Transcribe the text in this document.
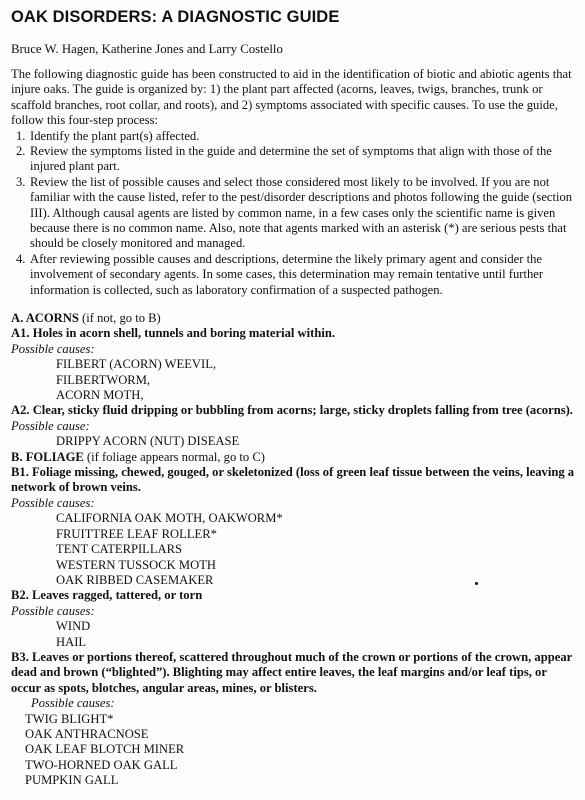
OAK DISORDERS: A DIAGNOSTIC GUIDE
Bruce W. Hagen, Katherine Jones and Larry Costello

The following diagnostic guide has been constructed to aid in the identification of biotic and abiotic agents that injure oaks. The guide is organized by: 1) the plant part affected (acorns, leaves, twigs, branches, trunk or scaffold branches, root collar, and roots), and 2) symptoms associated with specific causes. To use the guide, follow this four-step process:

1. Identify the plant part(s) affected.
2. Review the symptoms listed in the guide and determine the set of symptoms that align with those of the injured plant part.
3. Review the list of possible causes and select those considered most likely to be involved. If you are not familiar with the cause listed, refer to the pest/disorder descriptions and photos following the guide (section III). Although causal agents are listed by common name, in a few cases only the scientific name is given because there is no common name. Also, note that agents marked with an asterisk (*) are serious pests that should be closely monitored and managed.
4. After reviewing possible causes and descriptions, determine the likely primary agent and consider the involvement of secondary agents. In some cases, this determination may remain tentative until further information is collected, such as laboratory confirmation of a suspected pathogen.
A. ACORNS (if not, go to B)
A1. Holes in acorn shell, tunnels and boring material within.
Possible causes:
FILBERT (ACORN) WEEVIL,
FILBERTWORM,
ACORN MOTH,
A2. Clear, sticky fluid dripping or bubbling from acorns; large, sticky droplets falling from tree (acorns).
Possible cause:
DRIPPY ACORN (NUT) DISEASE
B. FOLIAGE (if foliage appears normal, go to C)
B1. Foliage missing, chewed, gouged, or skeletonized (loss of green leaf tissue between the veins, leaving a network of brown veins.
Possible causes:
CALIFORNIA OAK MOTH, OAKWORM*
FRUITTREE LEAF ROLLER*
TENT CATERPILLARS
WESTERN TUSSOCK MOTH
OAK RIBBED CASEMAKER
B2. Leaves ragged, tattered, or torn
Possible causes:
WIND
HAIL
B3. Leaves or portions thereof, scattered throughout much of the crown or portions of the crown, appear dead and brown (“blighted”). Blighting may affect entire leaves, the leaf margins and/or leaf tips, or occur as spots, blotches, angular areas, mines, or blisters.
Possible causes:
TWIG BLIGHT*
OAK ANTHRACNOSE
OAK LEAF BLOTCH MINER
TWO-HORNED OAK GALL
PUMPKIN GALL
